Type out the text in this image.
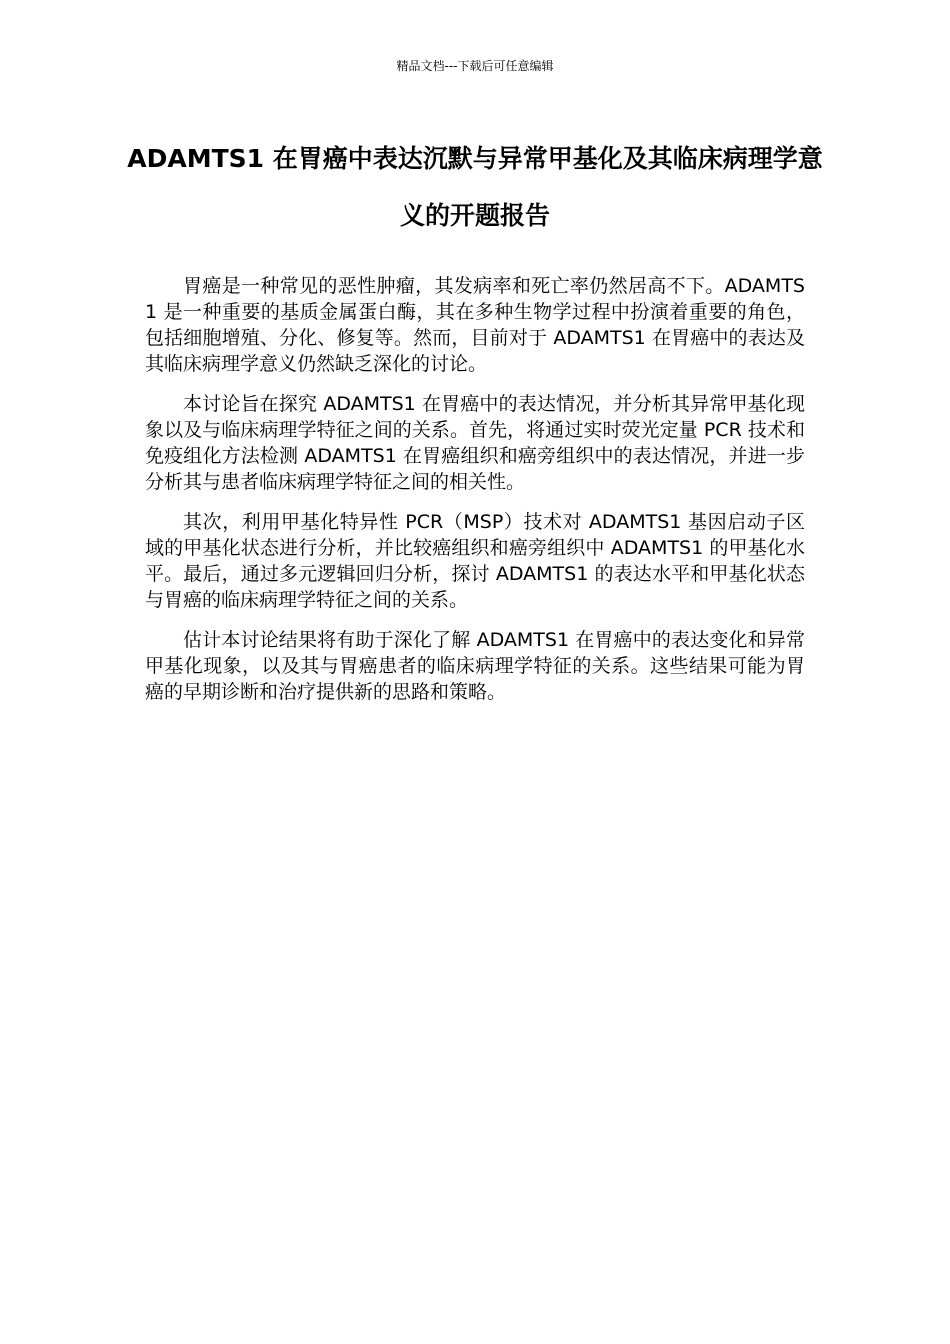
精品文档---下载后可任意编辑
ADAMTS1 在胃癌中表达沉默与异常甲基化及其临床病理学意义的开题报告

胃癌是一种常见的恶性肿瘤，其发病率和死亡率仍然居高不下。ADAMTS1 是一种重要的基质金属蛋白酶，其在多种生物学过程中扮演着重要的角色，包括细胞增殖、分化、修复等。然而，目前对于 ADAMTS1 在胃癌中的表达及其临床病理学意义仍然缺乏深化的讨论。

本讨论旨在探究 ADAMTS1 在胃癌中的表达情况，并分析其异常甲基化现象以及与临床病理学特征之间的关系。首先，将通过实时荧光定量 PCR 技术和免疫组化方法检测 ADAMTS1 在胃癌组织和癌旁组织中的表达情况，并进一步分析其与患者临床病理学特征之间的相关性。

其次，利用甲基化特异性 PCR（MSP）技术对 ADAMTS1 基因启动子区域的甲基化状态进行分析，并比较癌组织和癌旁组织中 ADAMTS1 的甲基化水平。最后，通过多元逻辑回归分析，探讨 ADAMTS1 的表达水平和甲基化状态与胃癌的临床病理学特征之间的关系。

估计本讨论结果将有助于深化了解 ADAMTS1 在胃癌中的表达变化和异常甲基化现象，以及其与胃癌患者的临床病理学特征的关系。这些结果可能为胃癌的早期诊断和治疗提供新的思路和策略。
